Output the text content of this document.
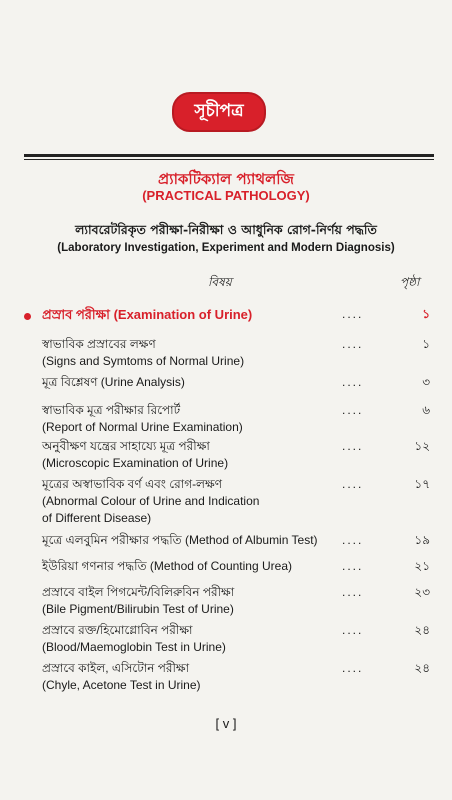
সূচীপত্র
প্র্যাকটিক্যাল প্যাথলজি
(PRACTICAL PATHOLOGY)
ল্যাবরেটরিকৃত পরীক্ষা-নিরীক্ষা ও আধুনিক রোগ-নির্ণয় পদ্ধতি
(Laboratory Investigation, Experiment and Modern Diagnosis)
বিষয়	পৃষ্ঠা
প্রস্রাব পরীক্ষা (Examination of Urine)	....	১
স্বাভাবিক প্রস্রাবের লক্ষণ
(Signs and Symtoms of Normal Urine)
....	১
মূত্র বিশ্লেষণ (Urine Analysis)	....	৩
স্বাভাবিক মূত্র পরীক্ষার রিপোর্ট
(Report of Normal Urine Examination)
....	৬
অনুবীক্ষণ যন্ত্রের সাহায্যে মূত্র পরীক্ষা
(Microscopic Examination of Urine)
....	১২
মূত্রের অস্বাভাবিক বর্ণ এবং রোগ-লক্ষণ
(Abnormal Colour of Urine and Indication
of Different Disease)
....	১৭
মূত্রে এলবুমিন পরীক্ষার পদ্ধতি (Method of Albumin Test)	....	১৯
ইউরিয়া গণনার পদ্ধতি (Method of Counting Urea)	....	২১
প্রস্রাবে বাইল পিগমেন্ট/বিলিরুবিন পরীক্ষা
(Bile Pigment/Bilirubin Test of Urine)
....	২৩
প্রস্রাবে রক্ত/হিমোগ্লোবিন পরীক্ষা
(Blood/Maemoglobin Test in Urine)
....	২৪
প্রস্রাবে কাইল, এসিটোন পরীক্ষা
(Chyle, Acetone Test in Urine)
....	২৪
[ v ]
